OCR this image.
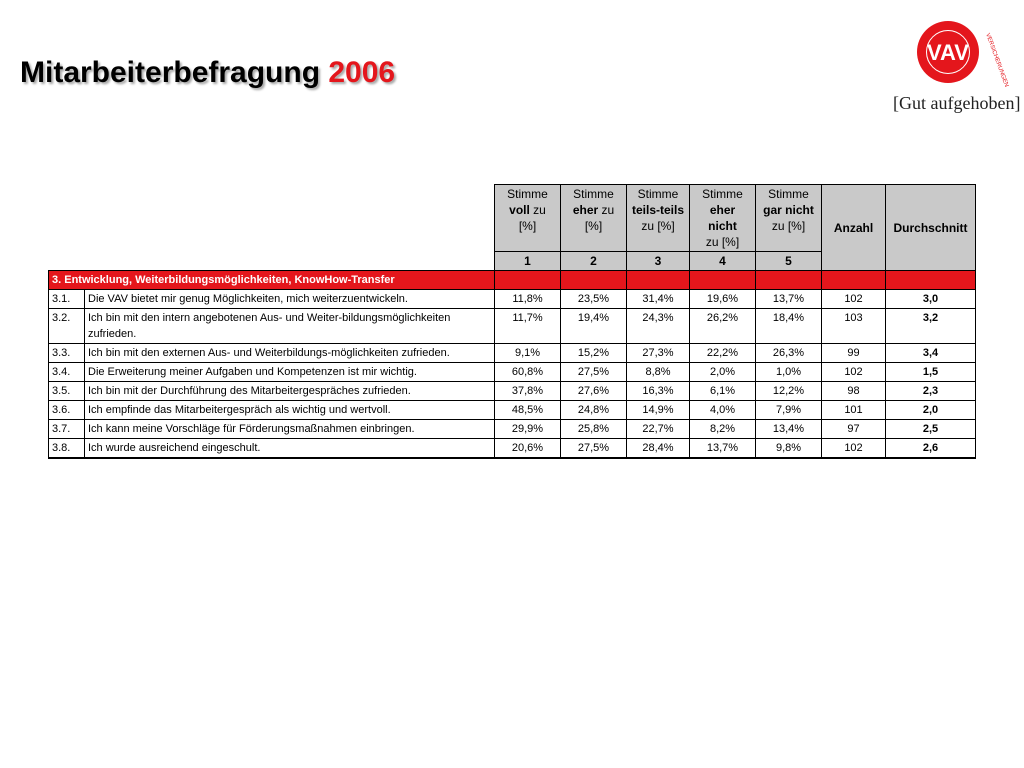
Mitarbeiterbefragung 2006
VAV	VERSICHERUNGEN
[Gut aufgehoben]
		Stimme
voll zu
[%]	Stimme
eher zu
[%]	Stimme
teils-teils
zu [%]	Stimme
eher
nicht
zu [%]	Stimme
gar nicht
zu [%]	Anzahl	Durchschnitt
		1	2	3	4	5		
3. Entwicklung, Weiterbildungsmöglichkeiten, KnowHow-Transfer								
3.1.	Die VAV bietet mir genug Möglichkeiten, mich weiterzuentwickeln.	11,8%	23,5%	31,4%	19,6%	13,7%	102	3,0
3.2.	Ich bin mit den intern angebotenen Aus- und Weiter-bildungsmöglichkeiten zufrieden.	11,7%	19,4%	24,3%	26,2%	18,4%	103	3,2
3.3.	Ich bin mit den externen Aus- und Weiterbildungs-möglichkeiten zufrieden.	9,1%	15,2%	27,3%	22,2%	26,3%	99	3,4
3.4.	Die Erweiterung meiner Aufgaben und Kompetenzen ist mir wichtig.	60,8%	27,5%	8,8%	2,0%	1,0%	102	1,5
3.5.	Ich bin mit der Durchführung des Mitarbeitergespräches zufrieden.	37,8%	27,6%	16,3%	6,1%	12,2%	98	2,3
3.6.	Ich empfinde das Mitarbeitergespräch als wichtig und wertvoll.	48,5%	24,8%	14,9%	4,0%	7,9%	101	2,0
3.7.	Ich kann meine Vorschläge für Förderungsmaßnahmen einbringen.	29,9%	25,8%	22,7%	8,2%	13,4%	97	2,5
3.8.	Ich wurde ausreichend eingeschult.	20,6%	27,5%	28,4%	13,7%	9,8%	102	2,6
